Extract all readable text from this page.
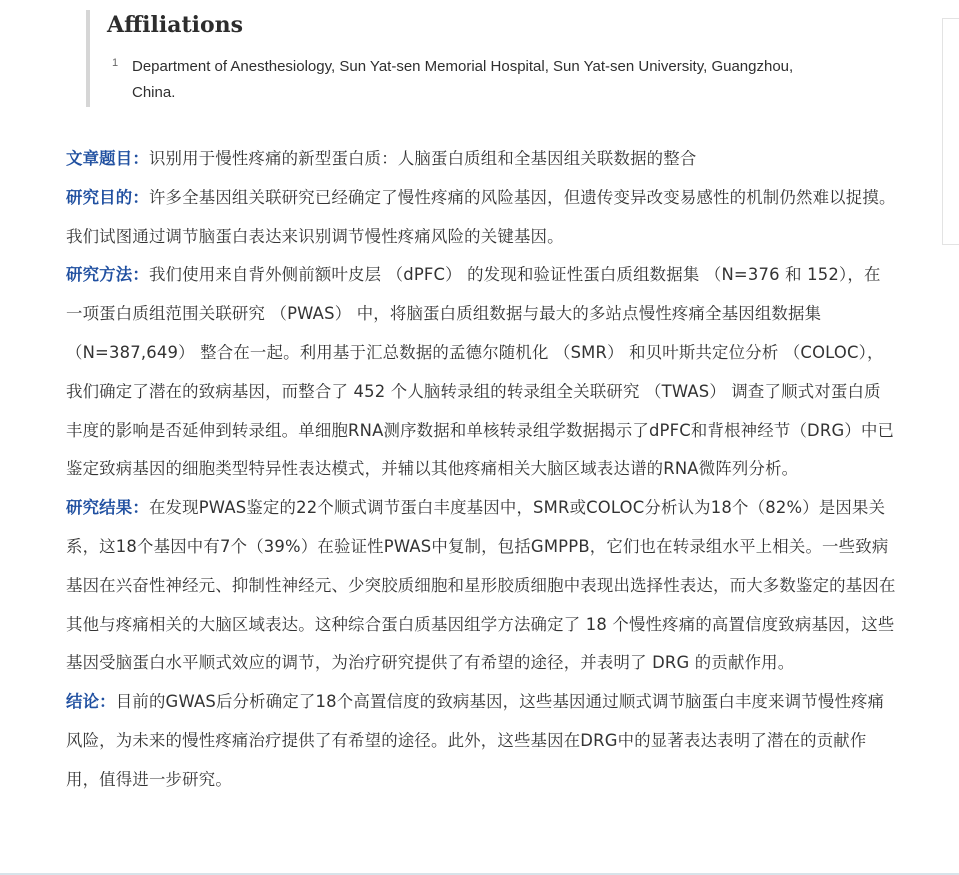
Affiliations
1 Department of Anesthesiology, Sun Yat-sen Memorial Hospital, Sun Yat-sen University, Guangzhou, China.

文章题目：识别用于慢性疼痛的新型蛋白质：人脑蛋白质组和全基因组关联数据的整合

研究目的：许多全基因组关联研究已经确定了慢性疼痛的风险基因，但遗传变异改变易感性的机制仍然难以捉摸。我们试图通过调节脑蛋白表达来识别调节慢性疼痛风险的关键基因。

研究方法：我们使用来自背外侧前额叶皮层 （dPFC） 的发现和验证性蛋白质组数据集 （N=376 和 152），在一项蛋白质组范围关联研究 （PWAS） 中，将脑蛋白质组数据与最大的多站点慢性疼痛全基因组数据集 （N=387,649） 整合在一起。利用基于汇总数据的孟德尔随机化 （SMR） 和贝叶斯共定位分析 （COLOC），我们确定了潜在的致病基因，而整合了 452 个人脑转录组的转录组全关联研究 （TWAS） 调查了顺式对蛋白质丰度的影响是否延伸到转录组。单细胞RNA测序数据和单核转录组学数据揭示了dPFC和背根神经节（DRG）中已鉴定致病基因的细胞类型特异性表达模式，并辅以其他疼痛相关大脑区域表达谱的RNA微阵列分析。

研究结果：在发现PWAS鉴定的22个顺式调节蛋白丰度基因中，SMR或COLOC分析认为18个（82%）是因果关系，这18个基因中有7个（39%）在验证性PWAS中复制，包括GMPPB，它们也在转录组水平上相关。一些致病基因在兴奋性神经元、抑制性神经元、少突胶质细胞和星形胶质细胞中表现出选择性表达，而大多数鉴定的基因在其他与疼痛相关的大脑区域表达。这种综合蛋白质基因组学方法确定了 18 个慢性疼痛的高置信度致病基因，这些基因受脑蛋白水平顺式效应的调节，为治疗研究提供了有希望的途径，并表明了 DRG 的贡献作用。

结论：目前的GWAS后分析确定了18个高置信度的致病基因，这些基因通过顺式调节脑蛋白丰度来调节慢性疼痛风险，为未来的慢性疼痛治疗提供了有希望的途径。此外，这些基因在DRG中的显著表达表明了潜在的贡献作用，值得进一步研究。
